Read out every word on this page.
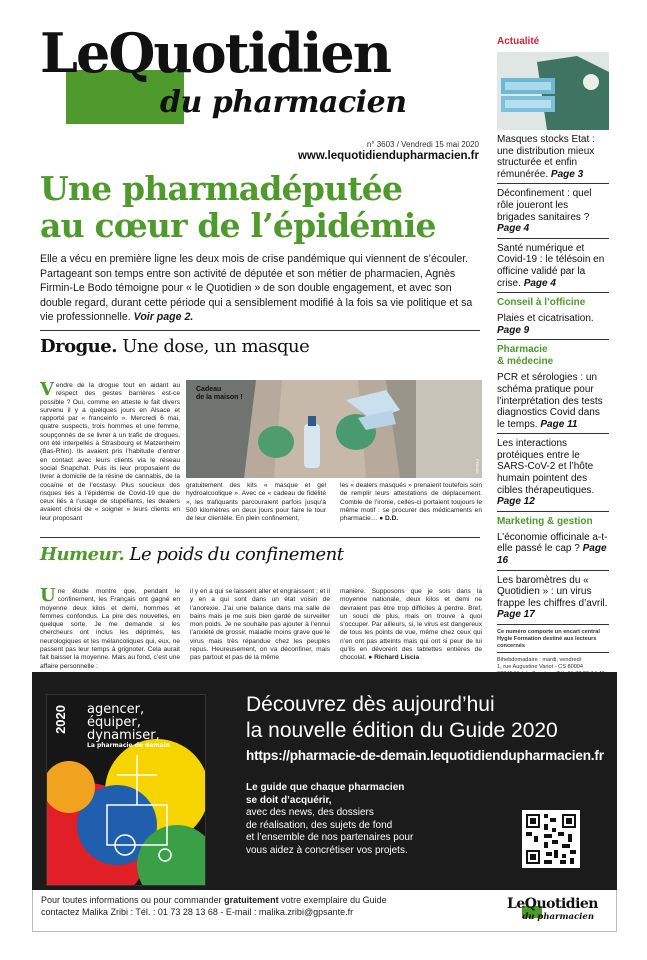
LeQuotidien
du pharmacien
n° 3603 / Vendredi 15 mai 2020
www.lequotidiendupharmacien.fr
Une pharmadéputée
au cœur de l’épidémie
Elle a vécu en première ligne les deux mois de crise pandémique qui viennent de s’écouler. Partageant son temps entre son activité de députée et son métier de pharmacien, Agnès Firmin-Le Bodo témoigne pour « le Quotidien » de son double engagement, et avec son double regard, durant cette période qui a sensiblement modifié à la fois sa vie politique et sa vie professionnelle. Voir page 2.
Drogue. Une dose, un masque
Vendre de la drogue tout en aidant au respect des gestes barrières est-ce possible ? Oui, comme en atteste le fait divers survenu il y a quelques jours en Alsace et rapporté par « franceinfo ». Mercredi 6 mai, quatre suspects, trois hommes et une femme, soupçonnés de se livrer à un trafic de drogues, ont été interpellés à Strasbourg et Matzenheim (Bas-Rhin). Ils avaient pris l’habitude d’entrer en contact avec leurs clients via le réseau social Snapchat. Puis ils leur proposaient de livrer à domicile de la résine de cannabis, de la cocaïne et de l’ecstasy. Plus soucieux des risques liés à l’épidémie de Covid-19 que de ceux liés à l’usage de stupéfiants, les dealers avaient choisi de « soigner » leurs clients en leur proposant
Cadeau
de la maison !
PHANIE
gratuitement des kits « masque et gel hydroalcoolique ». Avec ce « cadeau de fidélité », les trafiquants parcouraient parfois jusqu’à 500 kilomètres en deux jours pour faire le tour de leur clientèle. En plein confinement,
les « dealers masqués » prenaient toutefois soin de remplir leurs attestations de déplacement. Comble de l’ironie, celles-ci portaient toujours le même motif : se procurer des médicaments en pharmacie… ● D.D.
Humeur. Le poids du confinement
Une étude montre que, pendant le confinement, les Français ont gagné en moyenne deux kilos et demi, hommes et femmes confondus. La pire des nouvelles, en quelque sorte. Je me demande si les chercheurs ont inclus les déprimés, les neurologiques et les mélancoliques qui, eux, ne passent pas leur temps à grignoter. Cela aurait fait baisser la moyenne. Mais au fond, c’est une affaire personnelle :
il y en a qui se laissent aller et engraissent ; et il y en a qui sont dans un état voisin de l’anorexie. J’ai une balance dans ma salle de bains mais je me suis bien gardé de surveiller mon poids. Je ne souhaite pas ajouter à l’ennui l’anxiété de grossir, maladie moins grave que le virus mais très répandue chez les peuples repus. Heureusement, on va déconfiner, mais pas partout et pas de la même
manière. Supposons que je sois dans la moyenne nationale, deux kilos et demi ne devraient pas être trop difficiles à perdre. Bref, un souci de plus, mais on trouve à quoi s’occuper. Par ailleurs, si, le virus est dangereux de tous les points de vue, même chez ceux qui n’en ont pas atteints mais qui ont si peur de lui qu’ils en dévorent des tablettes entières de chocolat. ● Richard Liscia
Actualité
Masques stocks Etat : une distribution mieux structurée et enfin rémunérée. Page 3
Déconfinement : quel rôle joueront les brigades sanitaires ? Page 4
Santé numérique et Covid-19 : le télésoin en officine validé par la crise. Page 4
Conseil à l’officine
Plaies et cicatrisation. Page 9
Pharmacie
& médecine
PCR et sérologies : un schéma pratique pour l’interprétation des tests diagnostics Covid dans le temps. Page 11
Les interactions protéiques entre le SARS-CoV-2 et l’hôte humain pointent des cibles thérapeutiques. Page 12
Marketing & gestion
L’économie officinale a-t-elle passé le cap ? Page 16
Les baromètres du « Quotidien » : un virus frappe les chiffres d’avril. Page 17
Ce numéro comporte un encart central Hygie Formation destiné aux lecteurs concernés
Bihebdomadaire : mardi, vendredi
1, rue Augustine Variot - CS 80004
agencer,
équiper,
dynamiser,
La pharmacie de demain
2020
Découvrez dès aujourd’hui
la nouvelle édition du Guide 2020
https://pharmacie-de-demain.lequotidiendupharmacien.fr
Le guide que chaque pharmacien
se doit d’acquérir,
avec des news, des dossiers
de réalisation, des sujets de fond
et l’ensemble de nos partenaires pour
vous aidez à concrétiser vos projets.
Pour toutes informations ou pour commander gratuitement votre exemplaire du Guide
contactez Malika Zribi : Tél. : 01 73 28 13 68 - E-mail : malika.zribi@gpsante.fr	LeQuotidien
du pharmacien
